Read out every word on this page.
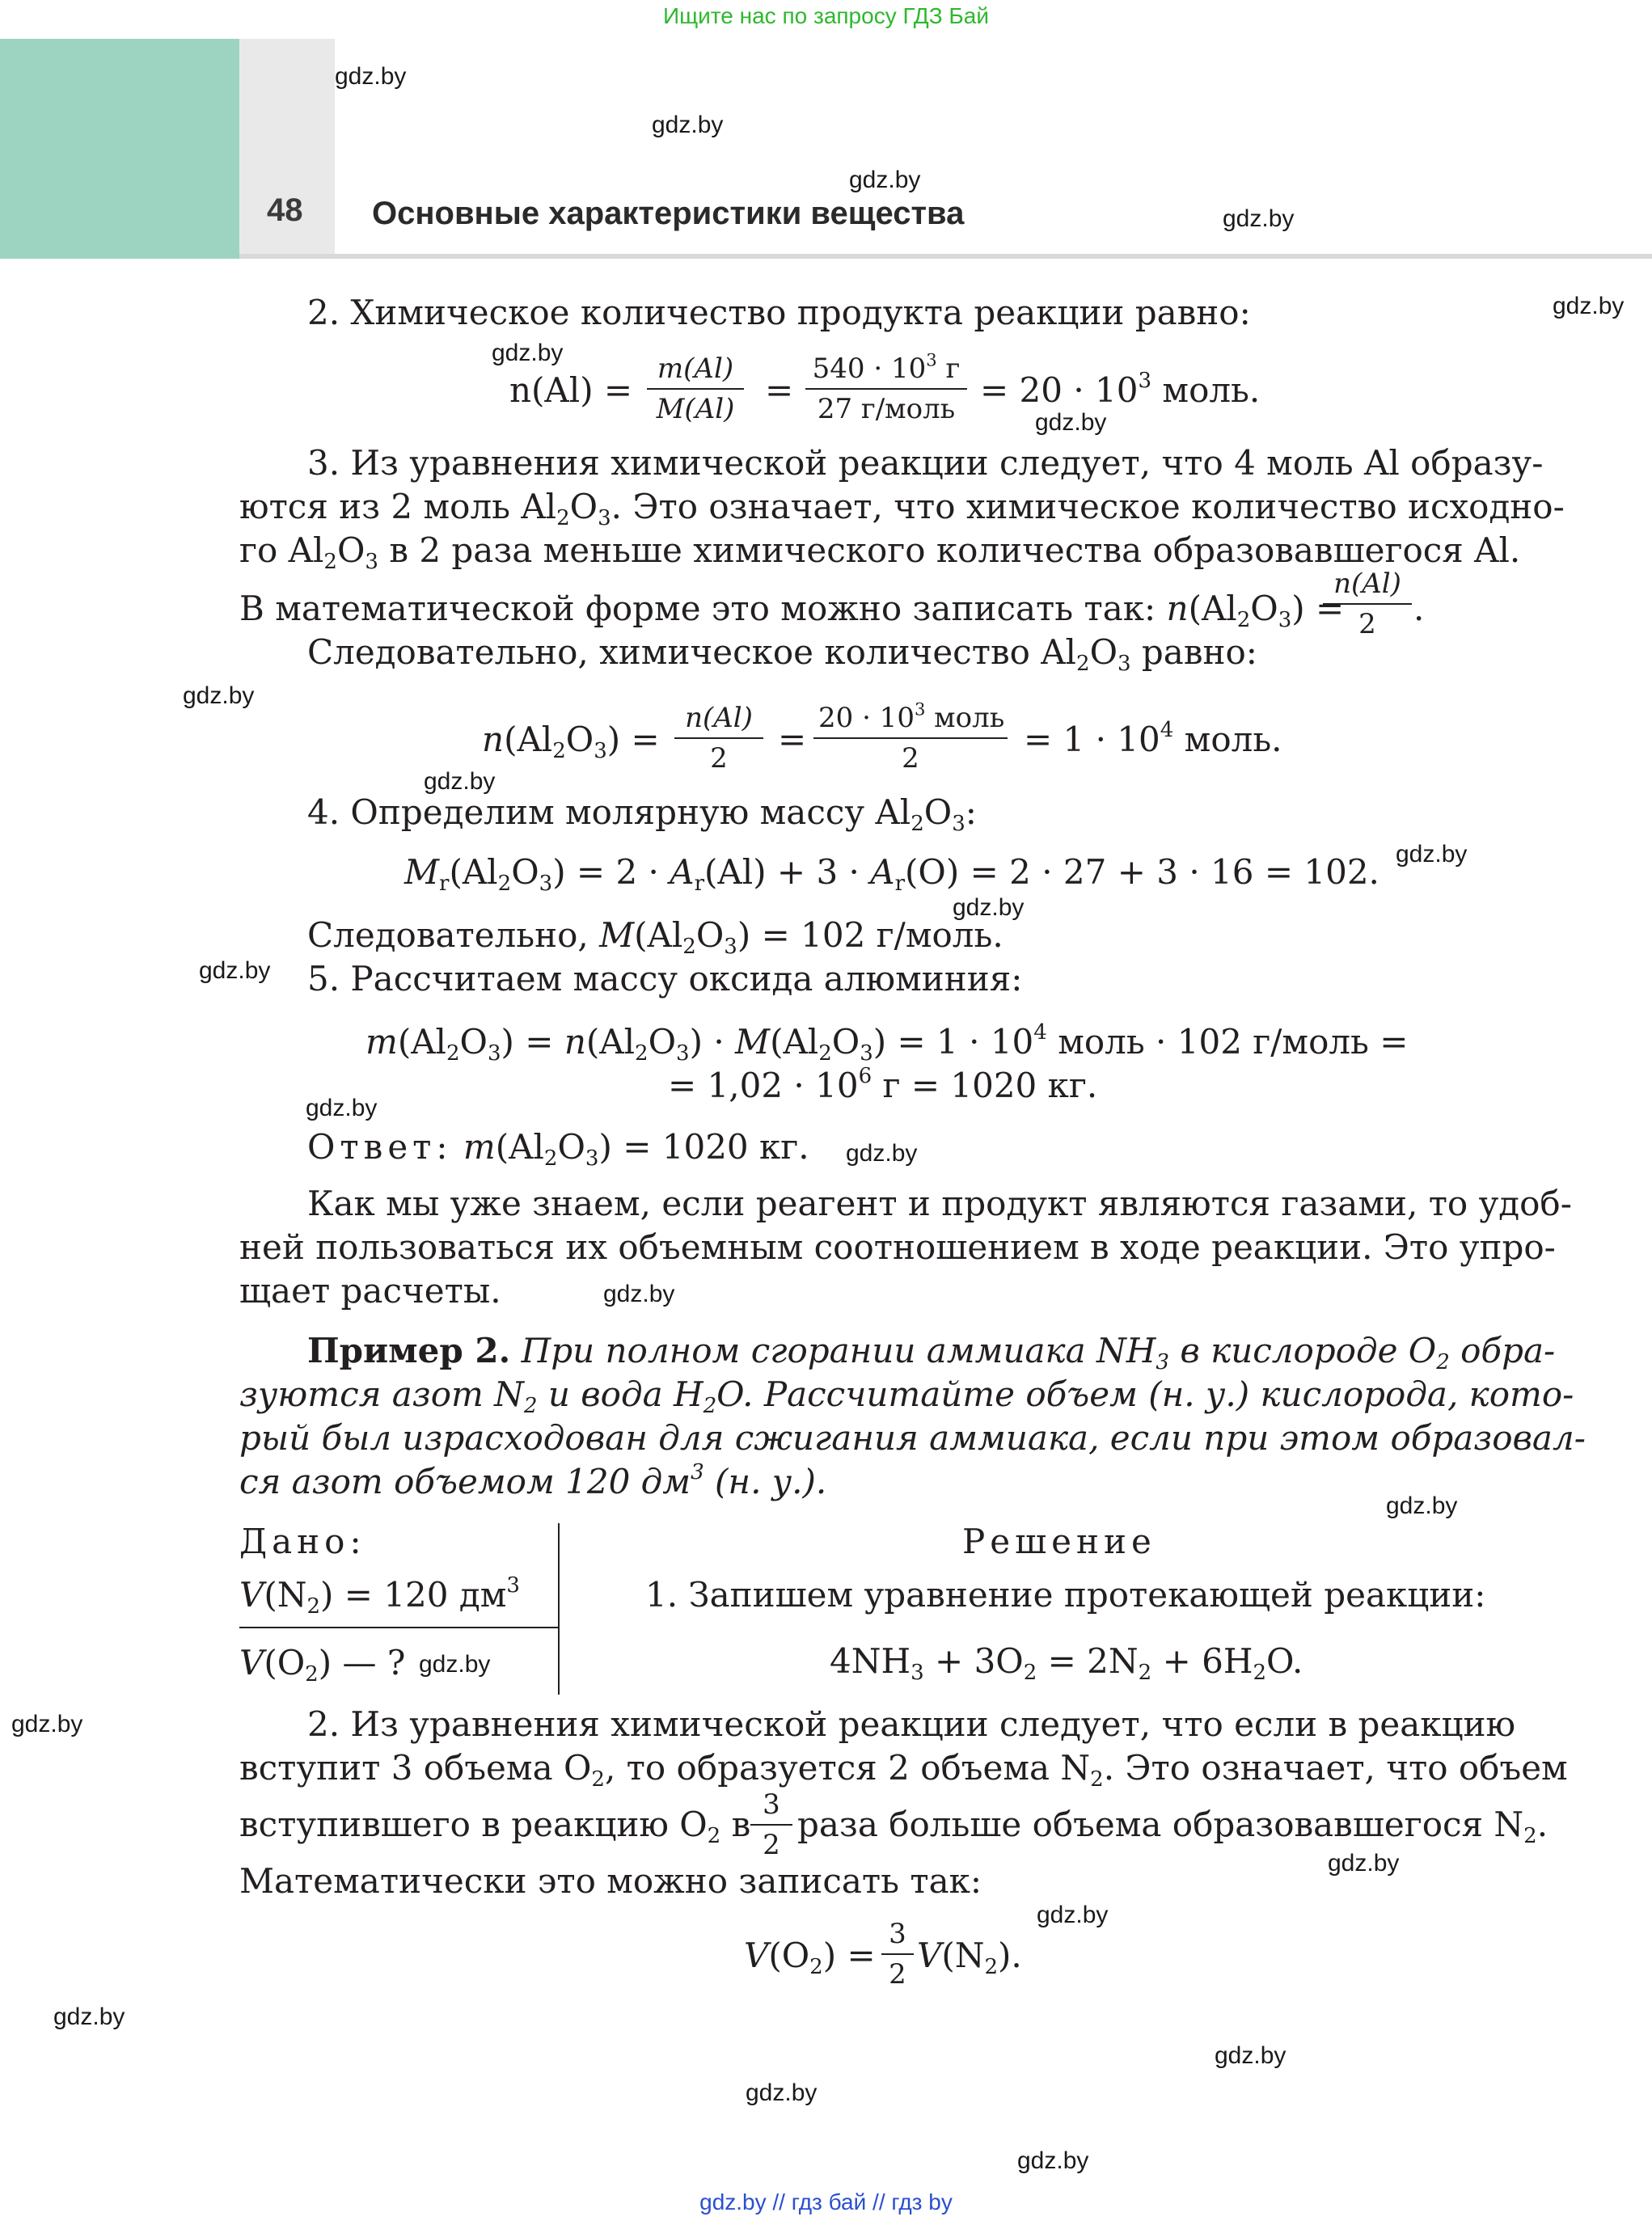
Ищите нас по запросу ГДЗ Бай
48 Основные характеристики вещества
gdz.by
gdz.by
gdz.by
gdz.by
gdz.by
gdz.by
gdz.by
gdz.by
gdz.by
gdz.by
gdz.by
gdz.by
gdz.by
gdz.by
gdz.by
gdz.by
gdz.by
gdz.by
gdz.by
gdz.by
gdz.by
gdz.by
gdz.by
gdz.by
2. Химическое количество продукта реакции равно:
$n(Al) = \frac{m(Al)}{M(Al)}$ =
$540 \cdot 10^3$ г
27 г/моль = $20 \cdot 10^3$ моль.
3. Из уравнения химической реакции следует, что 4 моль Al образу-
ются из 2 моль $Al_2O_3$. Это означает, что химическое количество исходно-
го $Al_2O_3$ в 2 раза меньше химического количества образовавшегося Al.
В математической форме это можно записать так: $n(Al_2O_3)$ =
$\frac{n(Al)}{2}$ .
Следовательно, химическое количество $Al_2O_3$ равно:
$n(Al_2O_3) = \frac{n(Al)}{2}$ =
$20 \cdot 10^3$ моль
2	= $1 \cdot 10^4$ моль.
4. Определим молярную массу $Al_2O_3$:
$M_r(Al_2O_3) = 2 \cdot A_r(Al) + 3 \cdot A_r(O) = 2 \cdot 27 + 3 \cdot 16 = 102$.
Следовательно, $M(Al_2O_3) = 102$ г/моль.
5. Рассчитаем массу оксида алюминия:
$m(Al_2O_3) = n(Al_2O_3) \cdot M(Al_2O_3) = 1 \cdot 10^4$ моль · 102 г/моль =
= $1,02 \cdot 10^6$ г = 1020 кг.
Ответ: $m(Al_2O_3) = 1020$ кг.
Как мы уже знаем, если реагент и продукт являются газами, то удоб-
ней пользоваться их объемным соотношением в ходе реакции. Это упро-
щает расчеты.
Пример 2. При полном сгорании аммиака $NH_3$ в кислороде $O_2$ обра-
зуются азот $N_2$ и вода $H_2O$. Рассчитайте объем (н. у.) кислорода, кото-
рый был израсходован для сжигания аммиака, если при этом образовал-
ся азот объемом 120 $дм^3$ (н. у.).
Дано:
$V(N_2) = 120$ $дм^3$
$V(O_2)$ — ?
Решение
1. Запишем уравнение протекающей реакции:
$4NH_3 + 3O_2 = 2N_2 + 6H_2O$.
2. Из уравнения химической реакции следует, что если в реакцию
вступит 3 объема $O_2$, то образуется 2 объема $N_2$. Это означает, что объем
вступившего в реакцию $O_2$ в $\frac{3}{2}$ раза больше объема образовавшегося $N_2$.
Математически это можно записать так:
$V(O_2) = \frac{3}{2} V(N_2)$.
gdz.by // гдз бай // гдз by
